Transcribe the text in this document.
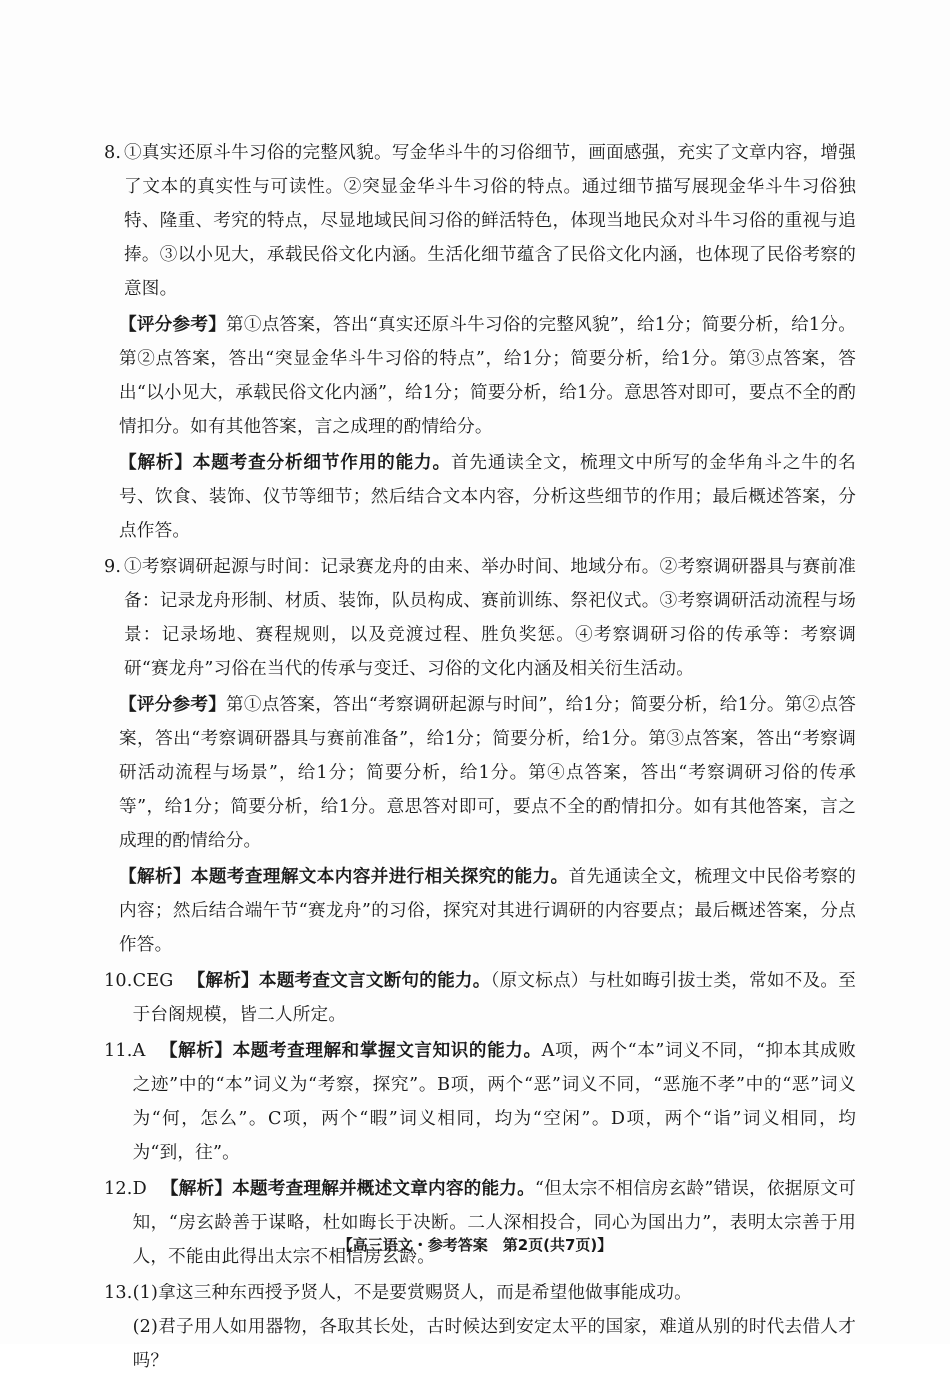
8. ①真实还原斗牛习俗的完整风貌。写金华斗牛的习俗细节，画面感强，充实了文章内容，增强了文本的真实性与可读性。②突显金华斗牛习俗的特点。通过细节描写展现金华斗牛习俗独特、隆重、考究的特点，尽显地域民间习俗的鲜活特色，体现当地民众对斗牛习俗的重视与追捧。③以小见大，承载民俗文化内涵。生活化细节蕴含了民俗文化内涵，也体现了民俗考察的意图。

【评分参考】第①点答案，答出“真实还原斗牛习俗的完整风貌”，给1分；简要分析，给1分。第②点答案，答出“突显金华斗牛习俗的特点”，给1分；简要分析，给1分。第③点答案，答出“以小见大，承载民俗文化内涵”，给1分；简要分析，给1分。意思答对即可，要点不全的酌情扣分。如有其他答案，言之成理的酌情给分。

【解析】本题考查分析细节作用的能力。首先通读全文，梳理文中所写的金华角斗之牛的名号、饮食、装饰、仪节等细节；然后结合文本内容，分析这些细节的作用；最后概述答案，分点作答。

9. ①考察调研起源与时间：记录赛龙舟的由来、举办时间、地域分布。②考察调研器具与赛前准备：记录龙舟形制、材质、装饰，队员构成、赛前训练、祭祀仪式。③考察调研活动流程与场景：记录场地、赛程规则，以及竞渡过程、胜负奖惩。④考察调研习俗的传承等：考察调研“赛龙舟”习俗在当代的传承与变迁、习俗的文化内涵及相关衍生活动。

【评分参考】第①点答案，答出“考察调研起源与时间”，给1分；简要分析，给1分。第②点答案，答出“考察调研器具与赛前准备”，给1分；简要分析，给1分。第③点答案，答出“考察调研活动流程与场景”，给1分；简要分析，给1分。第④点答案，答出“考察调研习俗的传承等”，给1分；简要分析，给1分。意思答对即可，要点不全的酌情扣分。如有其他答案，言之成理的酌情给分。

【解析】本题考查理解文本内容并进行相关探究的能力。首先通读全文，梳理文中民俗考察的内容；然后结合端午节“赛龙舟”的习俗，探究对其进行调研的内容要点；最后概述答案，分点作答。

10. CEG 【解析】本题考查文言文断句的能力。（原文标点）与杜如晦引拔士类，常如不及。至于台阁规模，皆二人所定。

11. A 【解析】本题考查理解和掌握文言知识的能力。A项，两个“本”词义不同，“抑本其成败之迹”中的“本”词义为“考察，探究”。B项，两个“恶”词义不同，“恶施不孝”中的“恶”词义为“何，怎么”。C项，两个“暇”词义相同，均为“空闲”。D项，两个“诣”词义相同，均为“到，往”。

12. D 【解析】本题考查理解并概述文章内容的能力。“但太宗不相信房玄龄”错误，依据原文可知，“房玄龄善于谋略，杜如晦长于决断。二人深相投合，同心为国出力”，表明太宗善于用人，不能由此得出太宗不相信房玄龄。

13. (1)拿这三种东西授予贤人，不是要赏赐贤人，而是希望他做事能成功。

(2)君子用人如用器物，各取其长处，古时候达到安定太平的国家，难道从别的时代去借人才吗？

【高三语文・参考答案　第2页(共7页)】
